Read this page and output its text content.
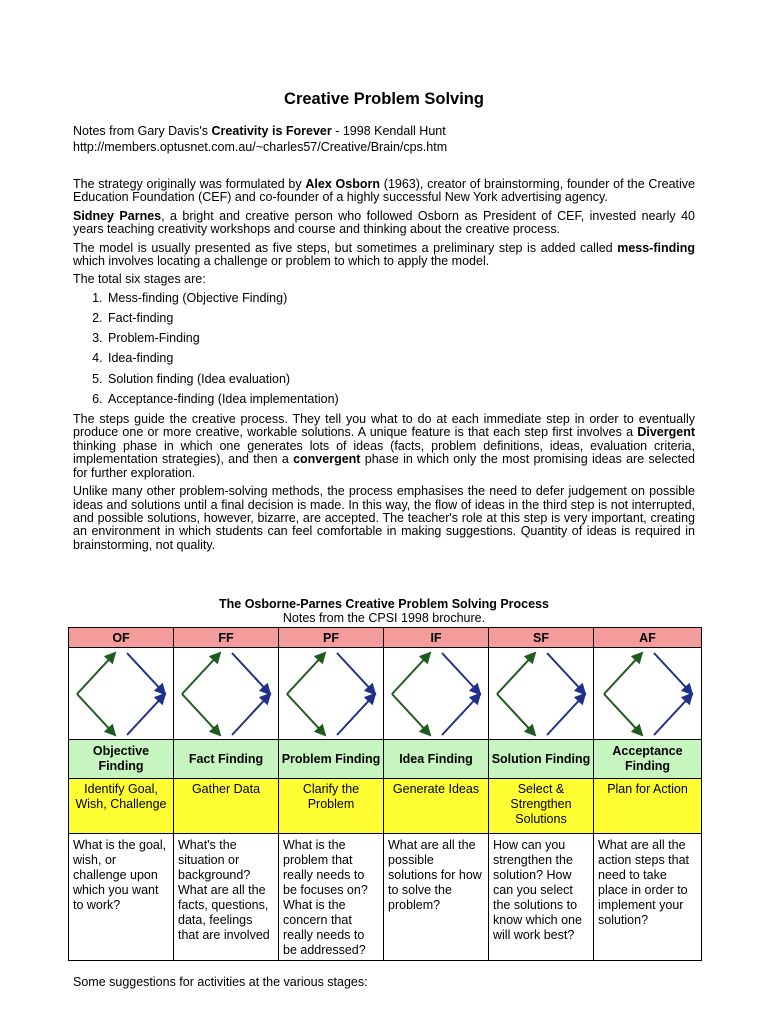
Creative Problem Solving
Notes from Gary Davis's Creativity is Forever - 1998 Kendall Hunt
http://members.optusnet.com.au/~charles57/Creative/Brain/cps.htm

The strategy originally was formulated by Alex Osborn (1963), creator of brainstorming, founder of the Creative Education Foundation (CEF) and co-founder of a highly successful New York advertising agency.

Sidney Parnes, a bright and creative person who followed Osborn as President of CEF, invested nearly 40 years teaching creativity workshops and course and thinking about the creative process.

The model is usually presented as five steps, but sometimes a preliminary step is added called mess-finding which involves locating a challenge or problem to which to apply the model.

The total six stages are:

1. Mess-finding (Objective Finding)
2. Fact-finding
3. Problem-Finding
4. Idea-finding
5. Solution finding (Idea evaluation)
6. Acceptance-finding (Idea implementation)

The steps guide the creative process. They tell you what to do at each immediate step in order to eventually produce one or more creative, workable solutions. A unique feature is that each step first involves a Divergent thinking phase in which one generates lots of ideas (facts, problem definitions, ideas, evaluation criteria, implementation strategies), and then a convergent phase in which only the most promising ideas are selected for further exploration.

Unlike many other problem-solving methods, the process emphasises the need to defer judgement on possible ideas and solutions until a final decision is made. In this way, the flow of ideas in the third step is not interrupted, and possible solutions, however, bizarre, are accepted. The teacher's role at this step is very important, creating an environment in which students can feel comfortable in making suggestions. Quantity of ideas is required in brainstorming, not quality.

The Osborne-Parnes Creative Problem Solving Process
Notes from the CPSI 1998 brochure.
OF	FF	PF	IF	SF	AF

Objective Finding	Fact Finding	Problem Finding	Idea Finding	Solution Finding	Acceptance Finding
Identify Goal, Wish, Challenge	Gather Data	Clarify the Problem	Generate Ideas	Select & Strengthen Solutions	Plan for Action
What is the goal, wish, or challenge upon which you want to work?	What's the situation or background? What are all the facts, questions, data, feelings that are involved	What is the problem that really needs to be focuses on? What is the concern that really needs to be addressed?	What are all the possible solutions for how to solve the problem?	How can you strengthen the solution? How can you select the solutions to know which one will work best?	What are all the action steps that need to take place in order to implement your solution?
Some suggestions for activities at the various stages:
